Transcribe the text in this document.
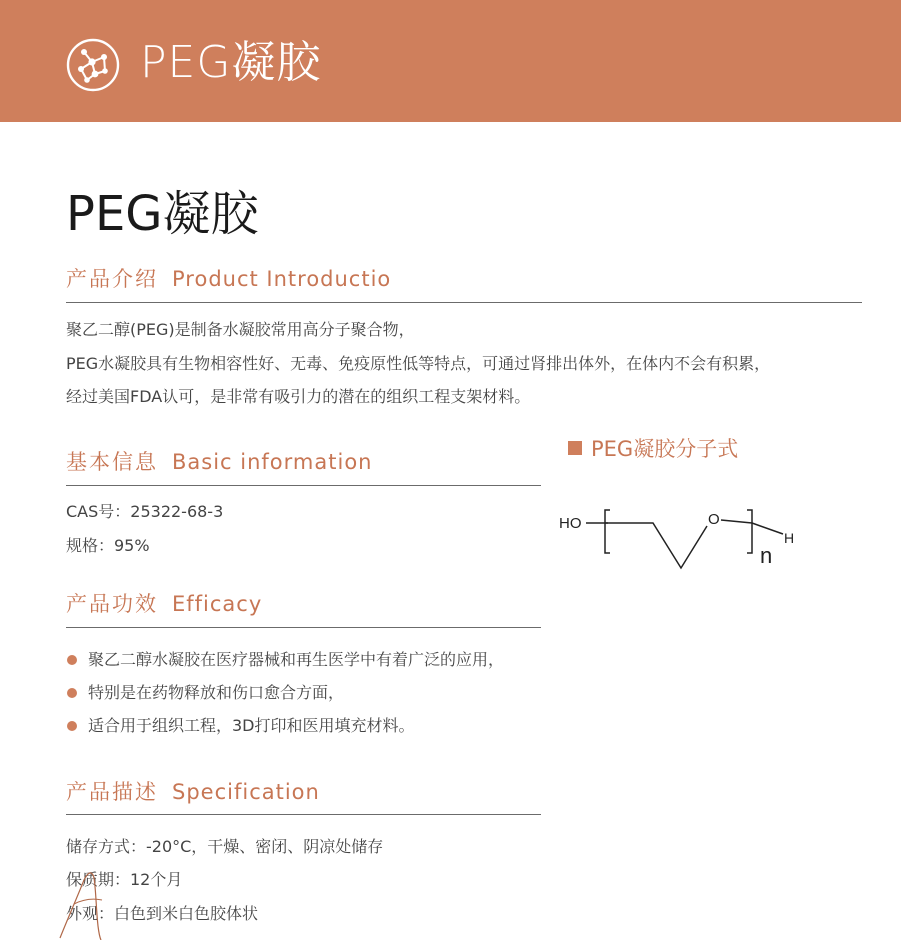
PEG凝胶
PEG凝胶
产品介绍 Product Introductio
聚乙二醇(PEG)是制备水凝胶常用高分子聚合物，
PEG水凝胶具有生物相容性好、无毒、免疫原性低等特点，可通过肾排出体外，在体内不会有积累，
经过美国FDA认可，是非常有吸引力的潜在的组织工程支架材料。
基本信息 Basic information
CAS号：25322-68-3
规格：95%
PEG凝胶分子式
HO	O
H
n
产品功效 Efficacy
聚乙二醇水凝胶在医疗器械和再生医学中有着广泛的应用，
特别是在药物释放和伤口愈合方面，
适合用于组织工程，3D打印和医用填充材料。
产品描述 Specification
储存方式：-20°C，干燥、密闭、阴凉处储存
保质期：12个月
外观：白色到米白色胶体状
